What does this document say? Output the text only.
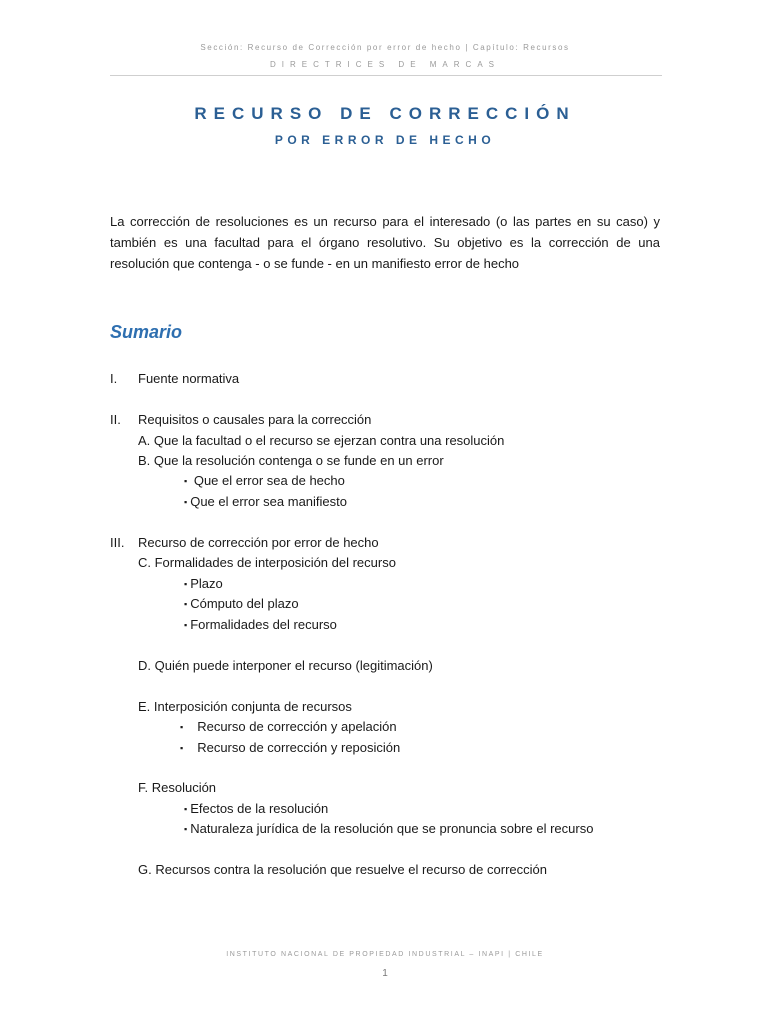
Sección: Recurso de Corrección por error de hecho | Capítulo: Recursos
DIRECTRICES DE MARCAS
RECURSO DE CORRECCIÓN
POR ERROR DE HECHO
La corrección de resoluciones es un recurso para el interesado (o las partes en su caso) y también es una facultad para el órgano resolutivo. Su objetivo es la corrección de una resolución que contenga - o se funde - en un manifiesto error de hecho
Sumario
I. Fuente normativa
II. Requisitos o causales para la corrección
A. Que la facultad o el recurso se ejerzan contra una resolución
B. Que la resolución contenga o se funde en un error
▪ Que el error sea de hecho
▪ Que el error sea manifiesto
III. Recurso de corrección por error de hecho
C. Formalidades de interposición del recurso
▪ Plazo
▪ Cómputo del plazo
▪ Formalidades del recurso
D. Quién puede interponer el recurso (legitimación)
E. Interposición conjunta de recursos
▪ Recurso de corrección y apelación
▪ Recurso de corrección y reposición
F. Resolución
▪ Efectos de la resolución
▪ Naturaleza jurídica de la resolución que se pronuncia sobre el recurso
G. Recursos contra la resolución que resuelve el recurso de corrección
INSTITUTO NACIONAL DE PROPIEDAD INDUSTRIAL – INAPI | CHILE
1
